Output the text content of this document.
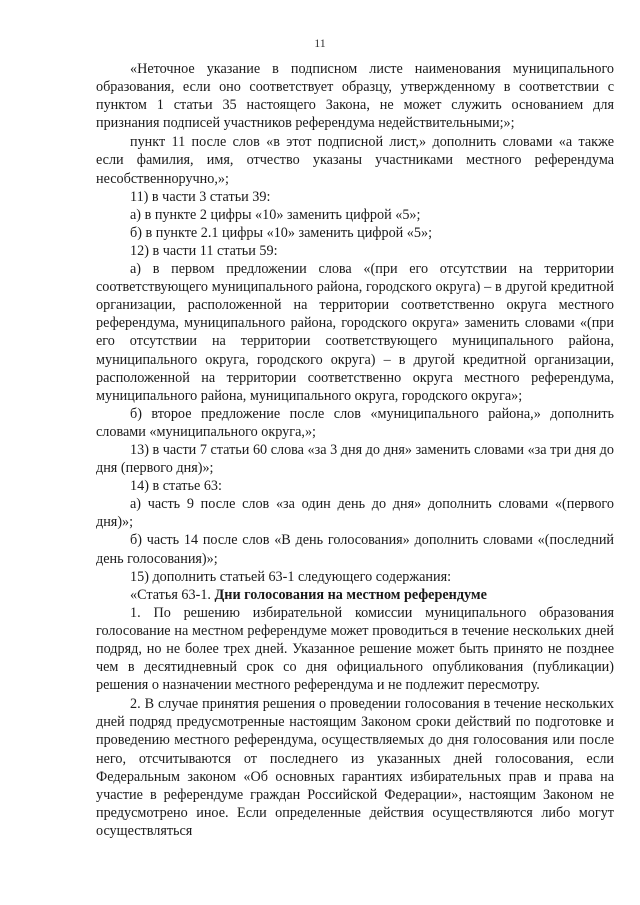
11

«Неточное указание в подписном листе наименования муниципального образования, если оно соответствует образцу, утвержденному в соответствии с пунктом 1 статьи 35 настоящего Закона, не может служить основанием для признания подписей участников референдума недействительными;»;

пункт 11 после слов «в этот подписной лист,» дополнить словами «а также если фамилия, имя, отчество указаны участниками местного референдума несобственноручно,»;

11) в части 3 статьи 39:

а) в пункте 2 цифры «10» заменить цифрой «5»;

б) в пункте 2.1 цифры «10» заменить цифрой «5»;

12) в части 11 статьи 59:

а) в первом предложении слова «(при его отсутствии на территории соответствующего муниципального района, городского округа) – в другой кредитной организации, расположенной на территории соответственно округа местного референдума, муниципального района, городского округа» заменить словами «(при его отсутствии на территории соответствующего муниципального района, муниципального округа, городского округа) – в другой кредитной организации, расположенной на территории соответственно округа местного референдума, муниципального района, муниципального округа, городского округа»;

б) второе предложение после слов «муниципального района,» дополнить словами «муниципального округа,»;

13) в части 7 статьи 60 слова «за 3 дня до дня» заменить словами «за три дня до дня (первого дня)»;

14) в статье 63:

а) часть 9 после слов «за один день до дня» дополнить словами «(первого дня)»;

б) часть 14 после слов «В день голосования» дополнить словами «(последний день голосования)»;

15) дополнить статьей 63-1 следующего содержания:

«Статья 63-1. Дни голосования на местном референдуме

1. По решению избирательной комиссии муниципального образования голосование на местном референдуме может проводиться в течение нескольких дней подряд, но не более трех дней. Указанное решение может быть принято не позднее чем в десятидневный срок со дня официального опубликования (публикации) решения о назначении местного референдума и не подлежит пересмотру.

2. В случае принятия решения о проведении голосования в течение нескольких дней подряд предусмотренные настоящим Законом сроки действий по подготовке и проведению местного референдума, осуществляемых до дня голосования или после него, отсчитываются от последнего из указанных дней голосования, если Федеральным законом «Об основных гарантиях избирательных прав и права на участие в референдуме граждан Российской Федерации», настоящим Законом не предусмотрено иное. Если определенные действия осуществляются либо могут осуществляться
